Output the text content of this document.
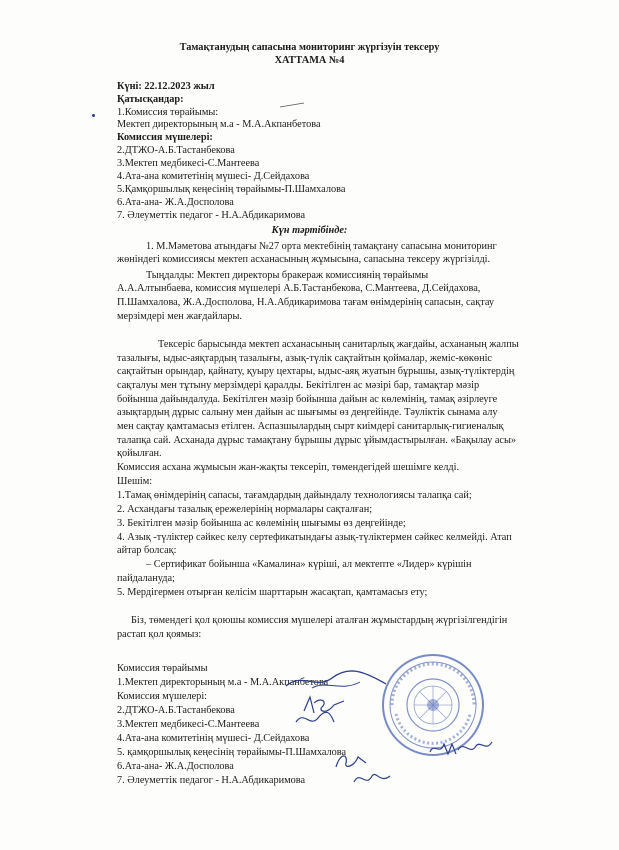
Тамақтанудың сапасына мониторинг жүргізуін тексеру
ХАТТАМА №4
Күні: 22.12.2023 жыл
Қатысқандар:
1.Комиссия төрайымы:
Мектеп директорының м.а - М.А.Акпанбетова
Комиссия мүшелері:
2.ДТЖО-А.Б.Тастанбекова
3.Мектеп медбикесі-С.Мантеева
4.Ата-ана комитетінің мүшесі- Д.Сейдахова
5.Қамқоршылық кеңесінің төрайымы-П.Шамхалова
6.Ата-ана- Ж.А.Досполова
7. Әлеуметтік педагог - Н.А.Абдикаримова
Күн тәртібінде:
1. М.Мәметова атындағы №27 орта мектебінің тамақтану сапасына мониторинг
жөніндегі комиссиясы мектеп асханасының жұмысына, сапасына тексеру жүргізілді.
Тыңдалды: Мектеп директоры бракераж комиссиянің төрайымы
А.А.Алтынбаева, комиссия мүшелері А.Б.Тастанбекова, С.Мантеева, Д.Сейдахова,
П.Шамхалова, Ж.А.Досполова, Н.А.Абдикаримова тағам өнімдерінің сапасын, сақтау
мерзімдері мен жағдайлары.
Тексеріс барысында мектеп асханасының санитарлық жағдайы, асхананың жалпы
тазалығы, ыдыс-аяқтардың тазалығы, азық-түлік сақтайтын қоймалар, жеміс-көкөніс
сақтайтын орындар, қайнату, қуыру цехтары, ыдыс-аяқ жуатын бұрышы, азық-түліктердің
сақталуы мен тұтыну мерзімдері қаралды. Бекітілген ас мәзірі бар, тамақтар мәзір
бойынша дайындалуда. Бекітілген мәзір бойынша дайын ас көлемінің, тамақ әзірлеуге
азықтардың дұрыс салыну мен дайын ас шығымы өз деңгейінде. Тәуліктік сынама алу
мен сақтау қамтамасыз етілген. Аспазшылардың сырт киімдері санитарлық-гигиеналық
талапқа сай. Асханада дұрыс тамақтану бұрышы дұрыс ұйымдастырылған. «Бақылау асы»
қойылған.
Комиссия асхана жұмысын жан-жақты тексеріп, төмендегідей шешімге келді.
Шешім:
1.Тамақ өнімдерінің сапасы, тағамдардың дайындалу технологиясы талапқа сай;
2. Асхандағы тазалық ережелерінің нормалары сақталған;
3. Бекітілген мәзір бойынша ас көлемінің шығымы өз деңгейінде;
4. Азық -түліктер сәйкес келу сертефикатындағы азық-түліктермен сәйкес келмейді. Атап
айтар болсақ:
– Сертификат бойынша «Камалина» күріші, ал мектепте «Лидер» күрішін
пайдалануда;
5. Мердігермен отырған келісім шарттарын жасақтап, қамтамасыз ету;
Біз, төмендегі қол қоюшы комиссия мүшелері аталған жұмыстардың жүргізілгендігін
растап қол қоямыз:
Комиссия төрайымы
1.Мектеп директорының м.а - М.А.Акпанбетова
Комиссия мүшелері:
2.ДТЖО-А.Б.Тастанбекова
3.Мектеп медбикесі-С.Мантеева
4.Ата-ана комитетінің мүшесі- Д.Сейдахова
5. қамқоршылық кеңесінің төрайымы-П.Шамхалова
6.Ата-ана- Ж.А.Досполова
7. Әлеуметтік педагог - Н.А.Абдикаримова
